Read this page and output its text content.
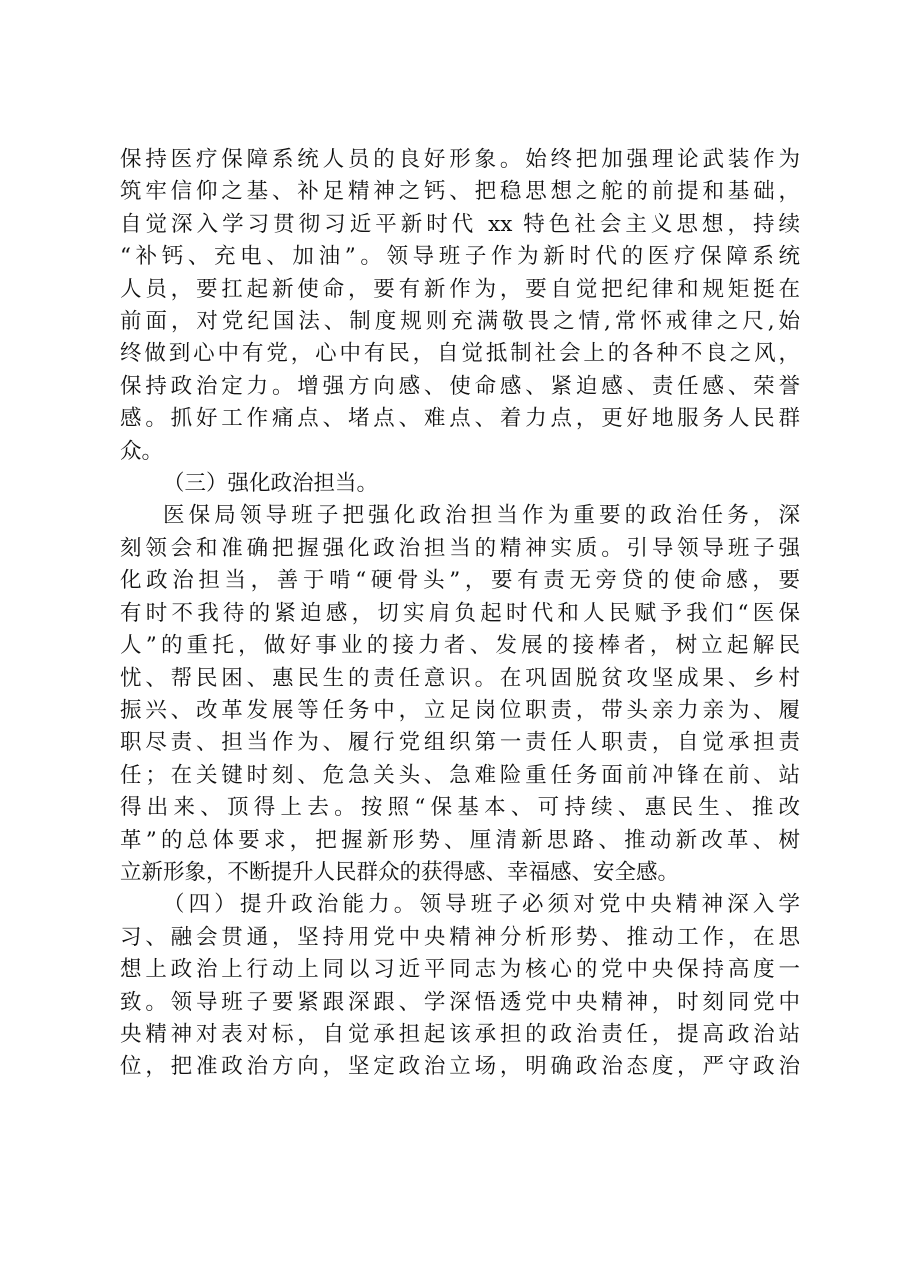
保持医疗保障系统人员的良好形象。始终把加强理论武装作为
筑牢信仰之基、补足精神之钙、把稳思想之舵的前提和基础，
自觉深入学习贯彻习近平新时代 xx 特色社会主义思想，持续
“补钙、充电、加油”。领导班子作为新时代的医疗保障系统
人员，要扛起新使命，要有新作为，要自觉把纪律和规矩挺在
前面，对党纪国法、制度规则充满敬畏之情,常怀戒律之尺,始
终做到心中有党，心中有民，自觉抵制社会上的各种不良之风，
保持政治定力。增强方向感、使命感、紧迫感、责任感、荣誉
感。抓好工作痛点、堵点、难点、着力点，更好地服务人民群
众。
（三）强化政治担当。
医保局领导班子把强化政治担当作为重要的政治任务，深
刻领会和准确把握强化政治担当的精神实质。引导领导班子强
化政治担当，善于啃“硬骨头”，要有责无旁贷的使命感，要
有时不我待的紧迫感，切实肩负起时代和人民赋予我们“医保
人”的重托，做好事业的接力者、发展的接棒者，树立起解民
忧、帮民困、惠民生的责任意识。在巩固脱贫攻坚成果、乡村
振兴、改革发展等任务中，立足岗位职责，带头亲力亲为、履
职尽责、担当作为、履行党组织第一责任人职责，自觉承担责
任；在关键时刻、危急关头、急难险重任务面前冲锋在前、站
得出来、顶得上去。按照“保基本、可持续、惠民生、推改
革”的总体要求，把握新形势、厘清新思路、推动新改革、树
立新形象，不断提升人民群众的获得感、幸福感、安全感。
（四）提升政治能力。领导班子必须对党中央精神深入学
习、融会贯通，坚持用党中央精神分析形势、推动工作，在思
想上政治上行动上同以习近平同志为核心的党中央保持高度一
致。领导班子要紧跟深跟、学深悟透党中央精神，时刻同党中
央精神对表对标，自觉承担起该承担的政治责任，提高政治站
位，把准政治方向，坚定政治立场，明确政治态度，严守政治
